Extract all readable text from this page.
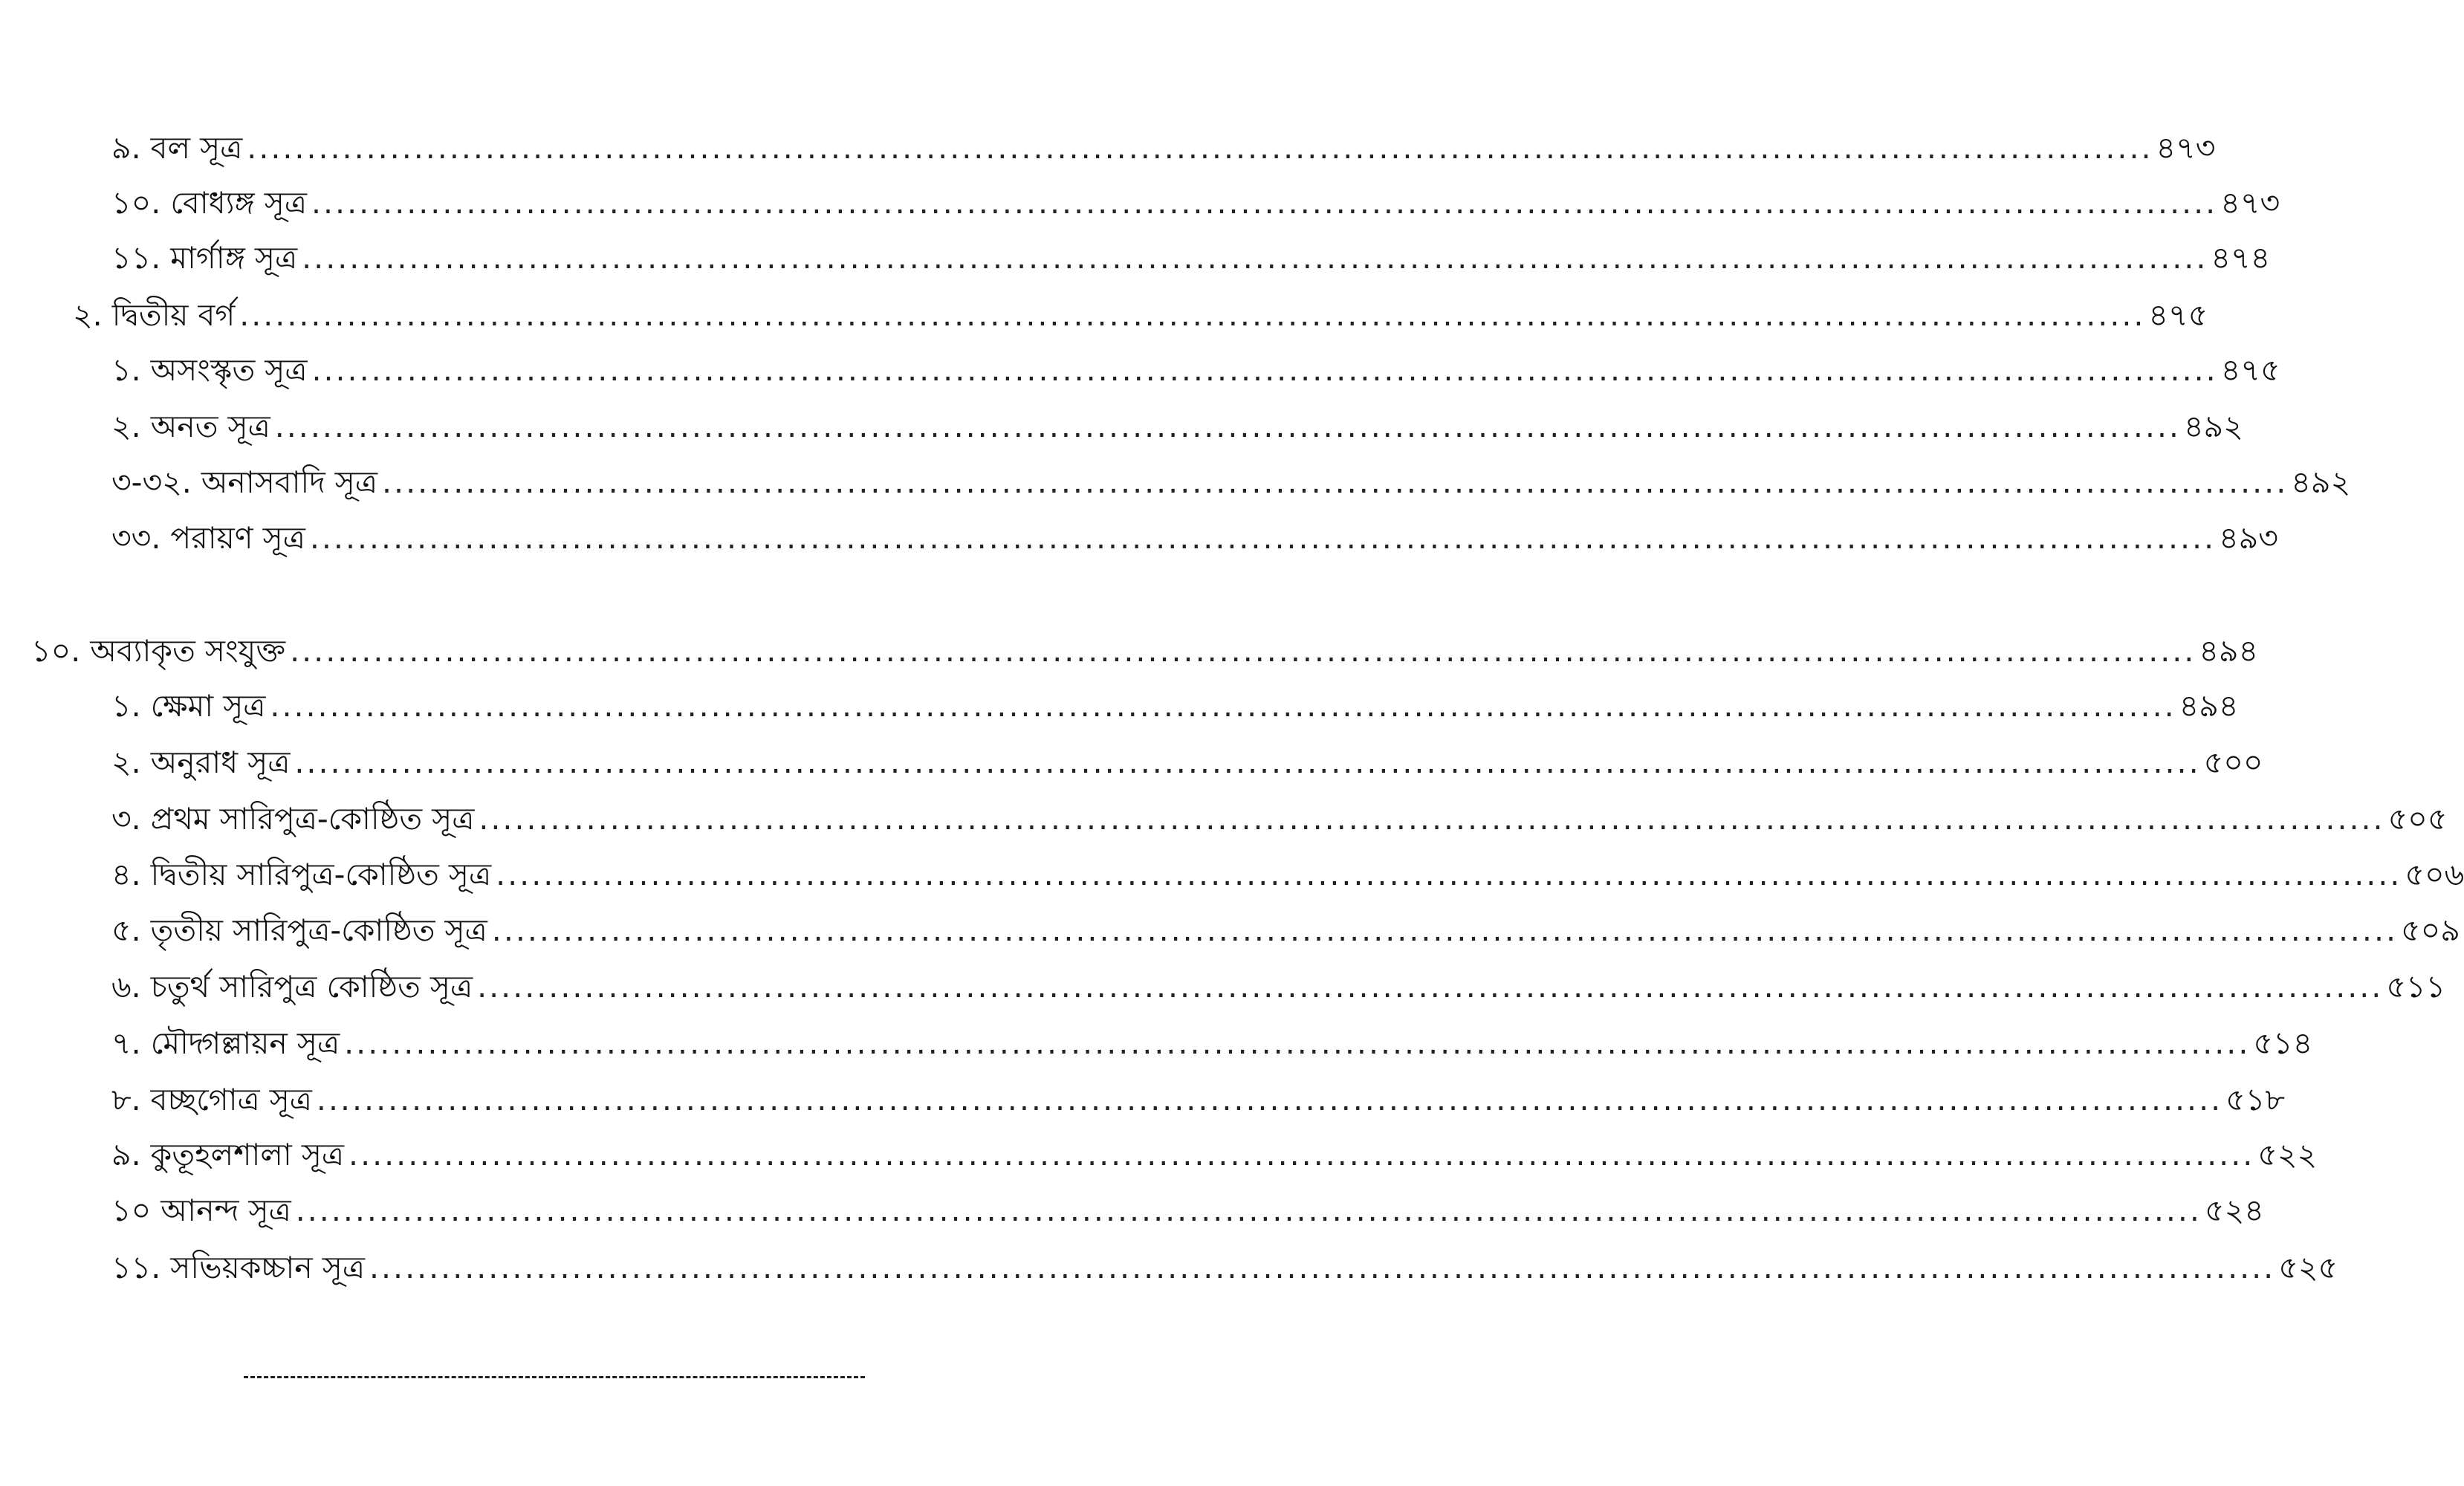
৯. বল সূত্র ................................................................................................................................................................ ৪৭৩
১০. বোধ্যঙ্গ সূত্র ................................................................................................................................................................ ৪৭৩
১১. মার্গাঙ্গ সূত্র ................................................................................................................................................................ ৪৭৪
২. দ্বিতীয় বর্গ ................................................................................................................................................................ ৪৭৫
১. অসংস্কৃত সূত্র ................................................................................................................................................................ ৪৭৫
২. অনত সূত্র ................................................................................................................................................................ ৪৯২
৩-৩২. অনাসবাদি সূত্র ................................................................................................................................................................ ৪৯২
৩৩. পরায়ণ সূত্র ................................................................................................................................................................ ৪৯৩
১০. অব্যাকৃত সংযুক্ত ................................................................................................................................................................ ৪৯৪
১. ক্ষেমা সূত্র ................................................................................................................................................................ ৪৯৪
২. অনুরাধ সূত্র ................................................................................................................................................................ ৫০০
৩. প্রথম সারিপুত্র-কোষ্ঠিত সূত্র ................................................................................................................................................................ ৫০৫
৪. দ্বিতীয় সারিপুত্র-কোষ্ঠিত সূত্র ................................................................................................................................................................ ৫০৬
৫. তৃতীয় সারিপুত্র-কোষ্ঠিত সূত্র ................................................................................................................................................................ ৫০৯
৬. চতুর্থ সারিপুত্র কোষ্ঠিত সূত্র ................................................................................................................................................................ ৫১১
৭. মৌদ্গল্লায়ন সূত্র ................................................................................................................................................................ ৫১৪
৮. বচ্ছগোত্র সূত্র ................................................................................................................................................................ ৫১৮
৯. কুতূহলশালা সূত্র ................................................................................................................................................................ ৫২২
১০ আনন্দ সূত্র ................................................................................................................................................................ ৫২৪
১১. সভিয়কচ্চান সূত্র ................................................................................................................................................................ ৫২৫
